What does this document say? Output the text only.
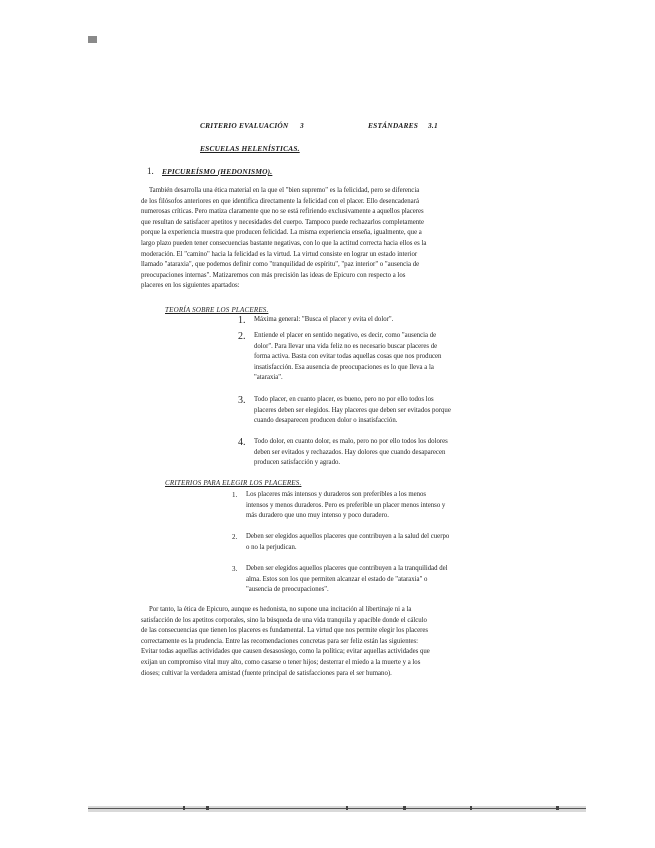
CRITERIO EVALUACIÓN 3	ESTÁNDARES 3.1
ESCUELAS HELENÍSTICAS.
1. EPICUREÍSMO (HEDONISMO).
También desarrolla una ética material en la que el "bien supremo" es la felicidad, pero se diferencia
de los filósofos anteriores en que identifica directamente la felicidad con el placer. Ello desencadenará
numerosas críticas. Pero matiza claramente que no se está refiriendo exclusivamente a aquellos placeres
que resultan de satisfacer apetitos y necesidades del cuerpo. Tampoco puede rechazarlos completamente
porque la experiencia muestra que producen felicidad. La misma experiencia enseña, igualmente, que a
largo plazo pueden tener consecuencias bastante negativas, con lo que la actitud correcta hacia ellos es la
moderación. El "camino" hacia la felicidad es la virtud. La virtud consiste en lograr un estado interior
llamado "ataraxia", que podemos definir como "tranquilidad de espíritu", "paz interior" o "ausencia de
preocupaciones internas". Matizaremos con más precisión las ideas de Epicuro con respecto a los
placeres en los siguientes apartados:
TEORÍA SOBRE LOS PLACERES.
1. Máxima general: "Busca el placer y evita el dolor".
2. Entiende el placer en sentido negativo, es decir, como "ausencia de
dolor". Para llevar una vida feliz no es necesario buscar placeres de
forma activa. Basta con evitar todas aquellas cosas que nos producen
insatisfacción. Esa ausencia de preocupaciones es lo que lleva a la
"ataraxia".
3. Todo placer, en cuanto placer, es bueno, pero no por ello todos los
placeres deben ser elegidos. Hay placeres que deben ser evitados porque
cuando desaparecen producen dolor o insatisfacción.
4. Todo dolor, en cuanto dolor, es malo, pero no por ello todos los dolores
deben ser evitados y rechazados. Hay dolores que cuando desaparecen
producen satisfacción y agrado.
CRITERIOS PARA ELEGIR LOS PLACERES.
1. Los placeres más intensos y duraderos son preferibles a los menos
intensos y menos duraderos. Pero es preferible un placer menos intenso y
más duradero que uno muy intenso y poco duradero.
2. Deben ser elegidos aquellos placeres que contribuyen a la salud del cuerpo
o no la perjudican.
3. Deben ser elegidos aquellos placeres que contribuyen a la tranquilidad del
alma. Estos son los que permiten alcanzar el estado de "ataraxia" o
"ausencia de preocupaciones".
Por tanto, la ética de Epicuro, aunque es hedonista, no supone una incitación al libertinaje ni a la
satisfacción de los apetitos corporales, sino la búsqueda de una vida tranquila y apacible donde el cálculo
de las consecuencias que tienen los placeres es fundamental. La virtud que nos permite elegir los placeres
correctamente es la prudencia. Entre las recomendaciones concretas para ser feliz están las siguientes:
Evitar todas aquellas actividades que causen desasosiego, como la política; evitar aquellas actividades que
exijan un compromiso vital muy alto, como casarse o tener hijos; desterrar el miedo a la muerte y a los
dioses; cultivar la verdadera amistad (fuente principal de satisfacciones para el ser humano).
